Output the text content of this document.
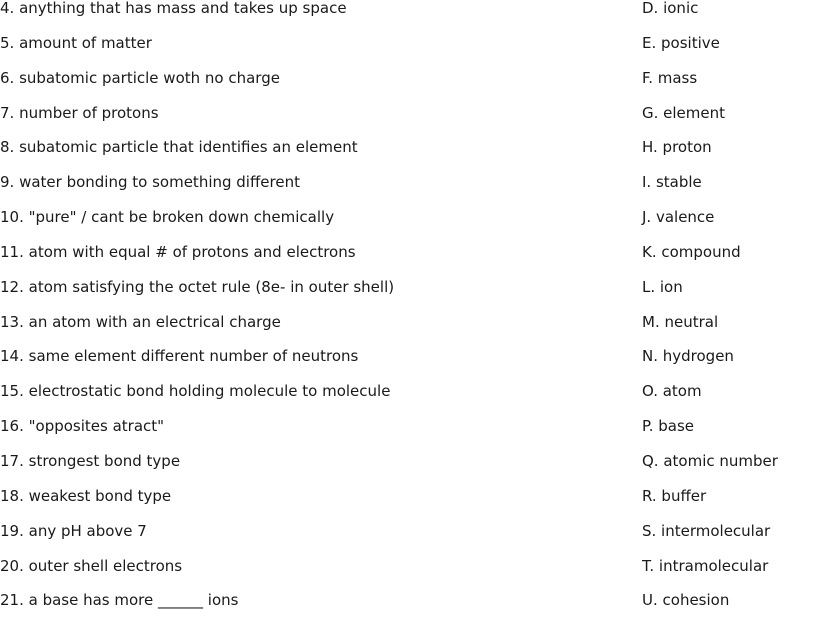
4. anything that has mass and takes up space
5. amount of matter
6. subatomic particle woth no charge
7. number of protons
8. subatomic particle that identifies an element
9. water bonding to something different
10. "pure" / cant be broken down chemically
11. atom with equal # of protons and electrons
12. atom satisfying the octet rule (8e- in outer shell)
13. an atom with an electrical charge
14. same element different number of neutrons
15. electrostatic bond holding molecule to molecule
16. "opposites atract"
17. strongest bond type
18. weakest bond type
19. any pH above 7
20. outer shell electrons
21. a base has more ______ ions
D. ionic
E. positive
F. mass
G. element
H. proton
I. stable
J. valence
K. compound
L. ion
M. neutral
N. hydrogen
O. atom
P. base
Q. atomic number
R. buffer
S. intermolecular
T. intramolecular
U. cohesion
